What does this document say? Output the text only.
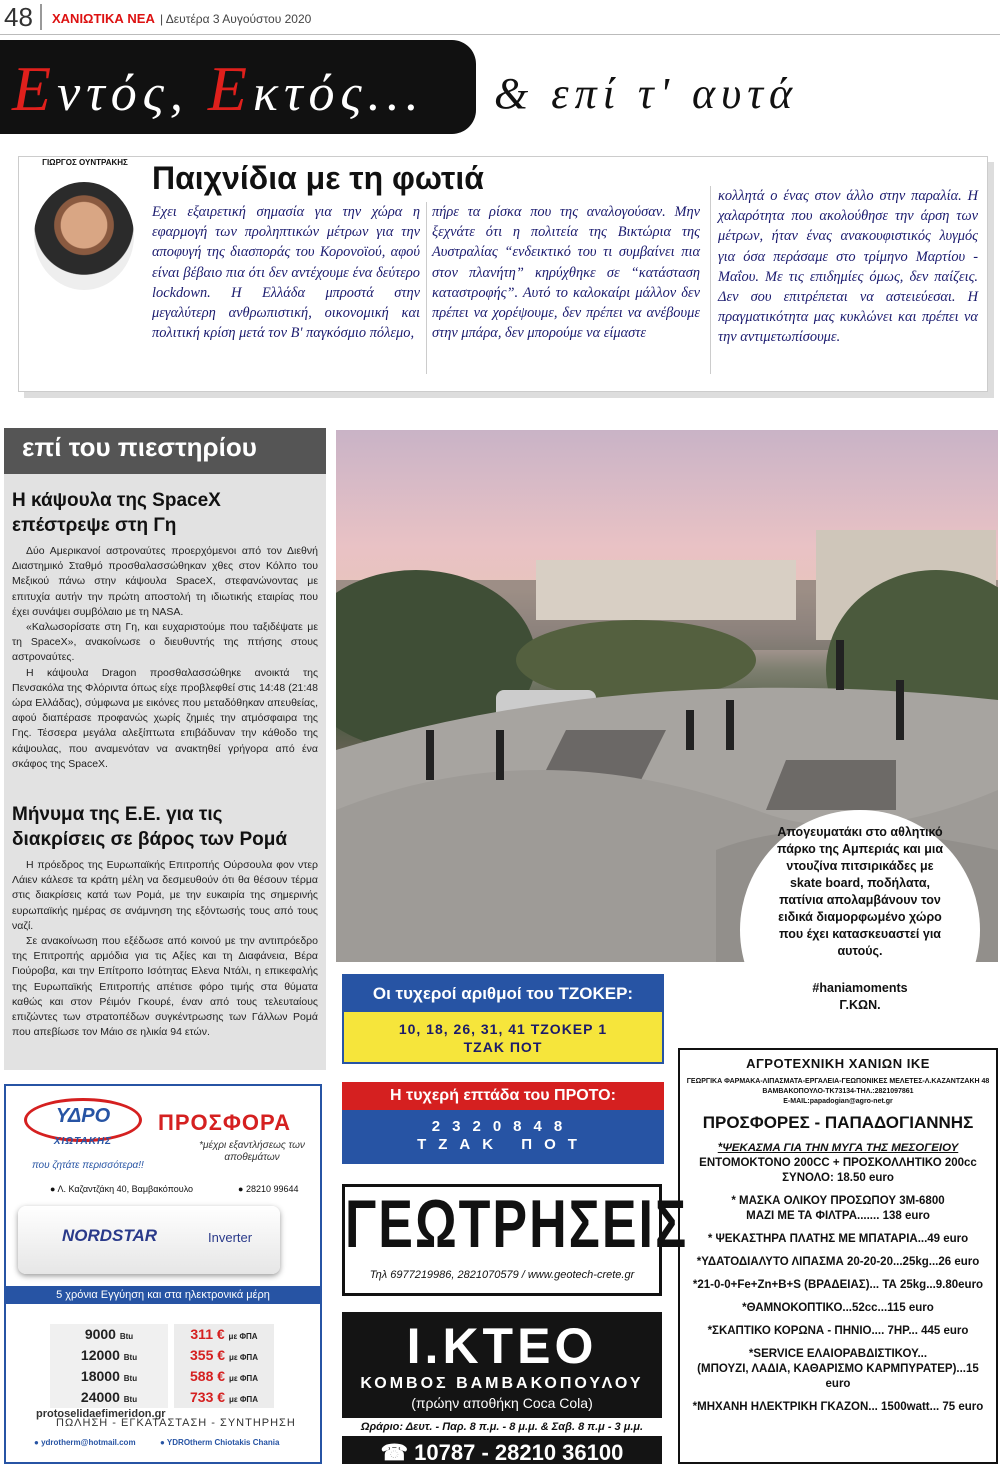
48 ΧΑΝΙΩΤΙΚΑ ΝΕΑ | Δευτέρα 3 Αυγούστου 2020
Εντός, Εκτός... & επί τ' αυτά
ΓΙΩΡΓΟΣ ΟΥΝΤΡΑΚΗΣ Παιχνίδια με τη φωτιά
Εχει εξαιρετική σημασία για την χώρα η εφαρμογή των προληπτικών μέτρων για την αποφυγή της διασποράς του Κορονοϊού, αφού είναι βέβαιο πια ότι δεν αντέχουμε ένα δεύτερο lockdown. Η Ελλάδα μπροστά στην μεγαλύτερη ανθρωπιστική, οικονομική και πολιτική κρίση μετά τον Β' παγκόσμιο πόλεμο,
πήρε τα ρίσκα που της αναλογούσαν. Μην ξεχνάτε ότι η πολιτεία της Βικτώρια της Αυστραλίας “ενδεικτικό του τι συμβαίνει πια στον πλανήτη” κηρύχθηκε σε “κατάσταση καταστροφής”. Αυτό το καλοκαίρι μάλλον δεν πρέπει να χορέψουμε, δεν πρέπει να ανέβουμε στην μπάρα, δεν μπορούμε να είμαστε
κολλητά ο ένας στον άλλο στην παραλία. Η χαλαρότητα που ακολούθησε την άρση των μέτρων, ήταν ένας ανακουφιστικός λυγμός για όσα περάσαμε στο τρίμηνο Μαρτίου - Μαΐου. Με τις επιδημίες όμως, δεν παίζεις. Δεν σου επιτρέπεται να αστειεύεσαι. Η πραγματικότητα μας κυκλώνει και πρέπει να την αντιμετωπίσουμε.
επί του πιεστηρίου
Η κάψουλα της SpaceX επέστρεψε στη Γη

Δύο Αμερικανοί αστροναύτες προερχόμενοι από τον Διεθνή Διαστημικό Σταθμό προσθαλασσώθηκαν χθες στον Κόλπο του Μεξικού πάνω στην κάψουλα SpaceX, στεφανώνοντας με επιτυχία αυτήν την πρώτη αποστολή τη ιδιωτικής εταιρίας που έχει συνάψει συμβόλαιο με τη NASA.

«Καλωσορίσατε στη Γη, και ευχαριστούμε που ταξιδέψατε με τη SpaceX», ανακοίνωσε ο διευθυντής της πτήσης στους αστροναύτες.

Η κάψουλα Dragon προσθαλασσώθηκε ανοικτά της Πενσακόλα της Φλόριντα όπως είχε προβλεφθεί στις 14:48 (21:48 ώρα Ελλάδας), σύμφωνα με εικόνες που μεταδόθηκαν απευθείας, αφού διαπέρασε προφανώς χωρίς ζημιές την ατμόσφαιρα της Γης. Τέσσερα μεγάλα αλεξίπτωτα επιβάδυναν την κάθοδο της κάψουλας, που αναμενόταν να ανακτηθεί γρήγορα από ένα σκάφος της SpaceX.

Μήνυμα της Ε.Ε. για τις διακρίσεις σε βάρος των Ρομά

Η πρόεδρος της Ευρωπαϊκής Επιτροπής Ούρσουλα φον ντερ Λάιεν κάλεσε τα κράτη μέλη να δεσμευθούν ότι θα θέσουν τέρμα στις διακρίσεις κατά των Ρομά, με την ευκαιρία της σημερινής ευρωπαϊκής ημέρας σε ανάμνηση της εξόντωσής τους από τους ναζί.

Σε ανακοίνωση που εξέδωσε από κοινού με την αντιπρόεδρο της Επιτροπής αρμόδια για τις Αξίες και τη Διαφάνεια, Βέρα Γιούροβα, και την Επίτροπο Ισότητας Ελενα Ντάλι, η επικεφαλής της Ευρωπαϊκής Επιτροπής απέτισε φόρο τιμής στα θύματα καθώς και στον Ρέιμόν Γκουρέ, έναν από τους τελευταίους επιζώντες των στρατοπέδων συγκέντρωσης των Γάλλων Ρομά που απεβίωσε τον Μάιο σε ηλικία 94 ετών.

Απογευματάκι στο αθλητικό πάρκο της Αμπεριάς και μια ντουζίνα πιτσιρικάδες με skate board, ποδήλατα, πατίνια απολαμβάνουν τον ειδικά διαμορφωμένο χώρο που έχει κατασκευαστεί για αυτούς.
#haniamoments
Γ.ΚΩΝ.
Οι τυχεροί αριθμοί του ΤΖΟΚΕΡ:
10, 18, 26, 31, 41 ΤΖΟΚΕΡ 1
ΤΖΑΚ ΠΟΤ
Η τυχερή επτάδα του ΠΡΟΤΟ:
2320848
ΤΖΑΚ ΠΟΤ
ΓΕΩΤΡΗΣΕΙΣ
Τηλ 6977219986, 2821070579 / www.geotech-crete.gr
Ι.ΚΤΕΟ
ΚΟΜΒΟΣ ΒΑΜΒΑΚΟΠΟΥΛΟΥ
(πρώην αποθήκη Coca Cola)
Ωράριο: Δευτ. - Παρ. 8 π.μ. - 8 μ.μ. & Σαβ. 8 π.μ - 3 μ.μ.
☎ 10787 - 28210 36100
ΥΔΡΟ
ΧΙΩΤΑΚΗΣ
που ζητάτε περισσότερα!!
ΠΡΟΣΦΟΡΑ
*μέχρι εξαντλήσεως των αποθεμάτων
● Λ. Καζαντζάκη 40, Βαμβακόπουλο	● 28210 99644
NORDSTAR	Inverter
5 χρόνια Εγγύηση και στα ηλεκτρονικά μέρη
9000 Btu	311 € με ΦΠΑ
12000 Btu	355 € με ΦΠΑ
18000 Btu	588 € με ΦΠΑ
24000 Btu	733 € με ΦΠΑ
protoselidaefimeridon.gr
ΠΩΛΗΣΗ - ΕΓΚΑΤΑΣΤΑΣΗ - ΣΥΝΤΗΡΗΣΗ
● ydrotherm@hotmail.com	● YDROtherm Chiotakis Chania
ΑΓΡΟΤΕΧΝΙΚΗ ΧΑΝΙΩΝ ΙΚΕ
ΓΕΩΡΓΙΚΑ ΦΑΡΜΑΚΑ-ΛΙΠΑΣΜΑΤΑ-ΕΡΓΑΛΕΙΑ-ΓΕΩΠΟΝΙΚΕΣ ΜΕΛΕΤΕΣ-Λ.ΚΑΖΑΝΤΖΑΚΗ 48
ΒΑΜΒΑΚΟΠΟΥΛΟ-ΤΚ73134-ΤΗΛ.:2821097861
E-MAIL:papadogian@agro-net.gr
ΠΡΟΣΦΟΡΕΣ - ΠΑΠΑΔΟΓΙΑΝΝΗΣ
*ΨΕΚΑΣΜΑ ΓΙΑ ΤΗΝ ΜΥΓΑ ΤΗΣ ΜΕΣΟΓΕΙΟΥ
ΕΝΤΟΜΟΚΤΟΝΟ 200CC + ΠΡΟΣΚΟΛΛΗΤΙΚΟ 200cc
ΣΥΝΟΛΟ: 18.50 euro
* ΜΑΣΚΑ ΟΛΙΚΟΥ ΠΡΟΣΩΠΟΥ 3M-6800
ΜΑΖΙ ΜΕ ΤΑ ΦΙΛΤΡΑ....... 138 euro
* ΨΕΚΑΣΤΗΡΑ ΠΛΑΤΗΣ ΜΕ ΜΠΑΤΑΡΙΑ...49 euro
*ΥΔΑΤΟΔΙΑΛΥΤΟ ΛΙΠΑΣΜΑ 20-20-20...25kg...26 euro
*21-0-0+Fe+Zn+B+S (ΒΡΑΔΕΙΑΣ)... ΤΑ 25kg...9.80euro
*ΘΑΜΝΟΚΟΠΤΙΚΟ...52cc...115 euro
*ΣΚΑΠΤΙΚΟ ΚΟΡΩΝΑ - ΠΗΝΙΟ.... 7HP... 445 euro
*SERVICE ΕΛΑΙΟΡΑΒΔΙΣΤΙΚΟΥ...
(ΜΠΟΥΖΙ, ΛΑΔΙΑ, ΚΑΘΑΡΙΣΜΟ ΚΑΡΜΠΥΡΑΤΕΡ)...15 euro
*ΜΗΧΑΝΗ ΗΛΕΚΤΡΙΚΗ ΓΚΑΖΟΝ... 1500watt... 75 euro
